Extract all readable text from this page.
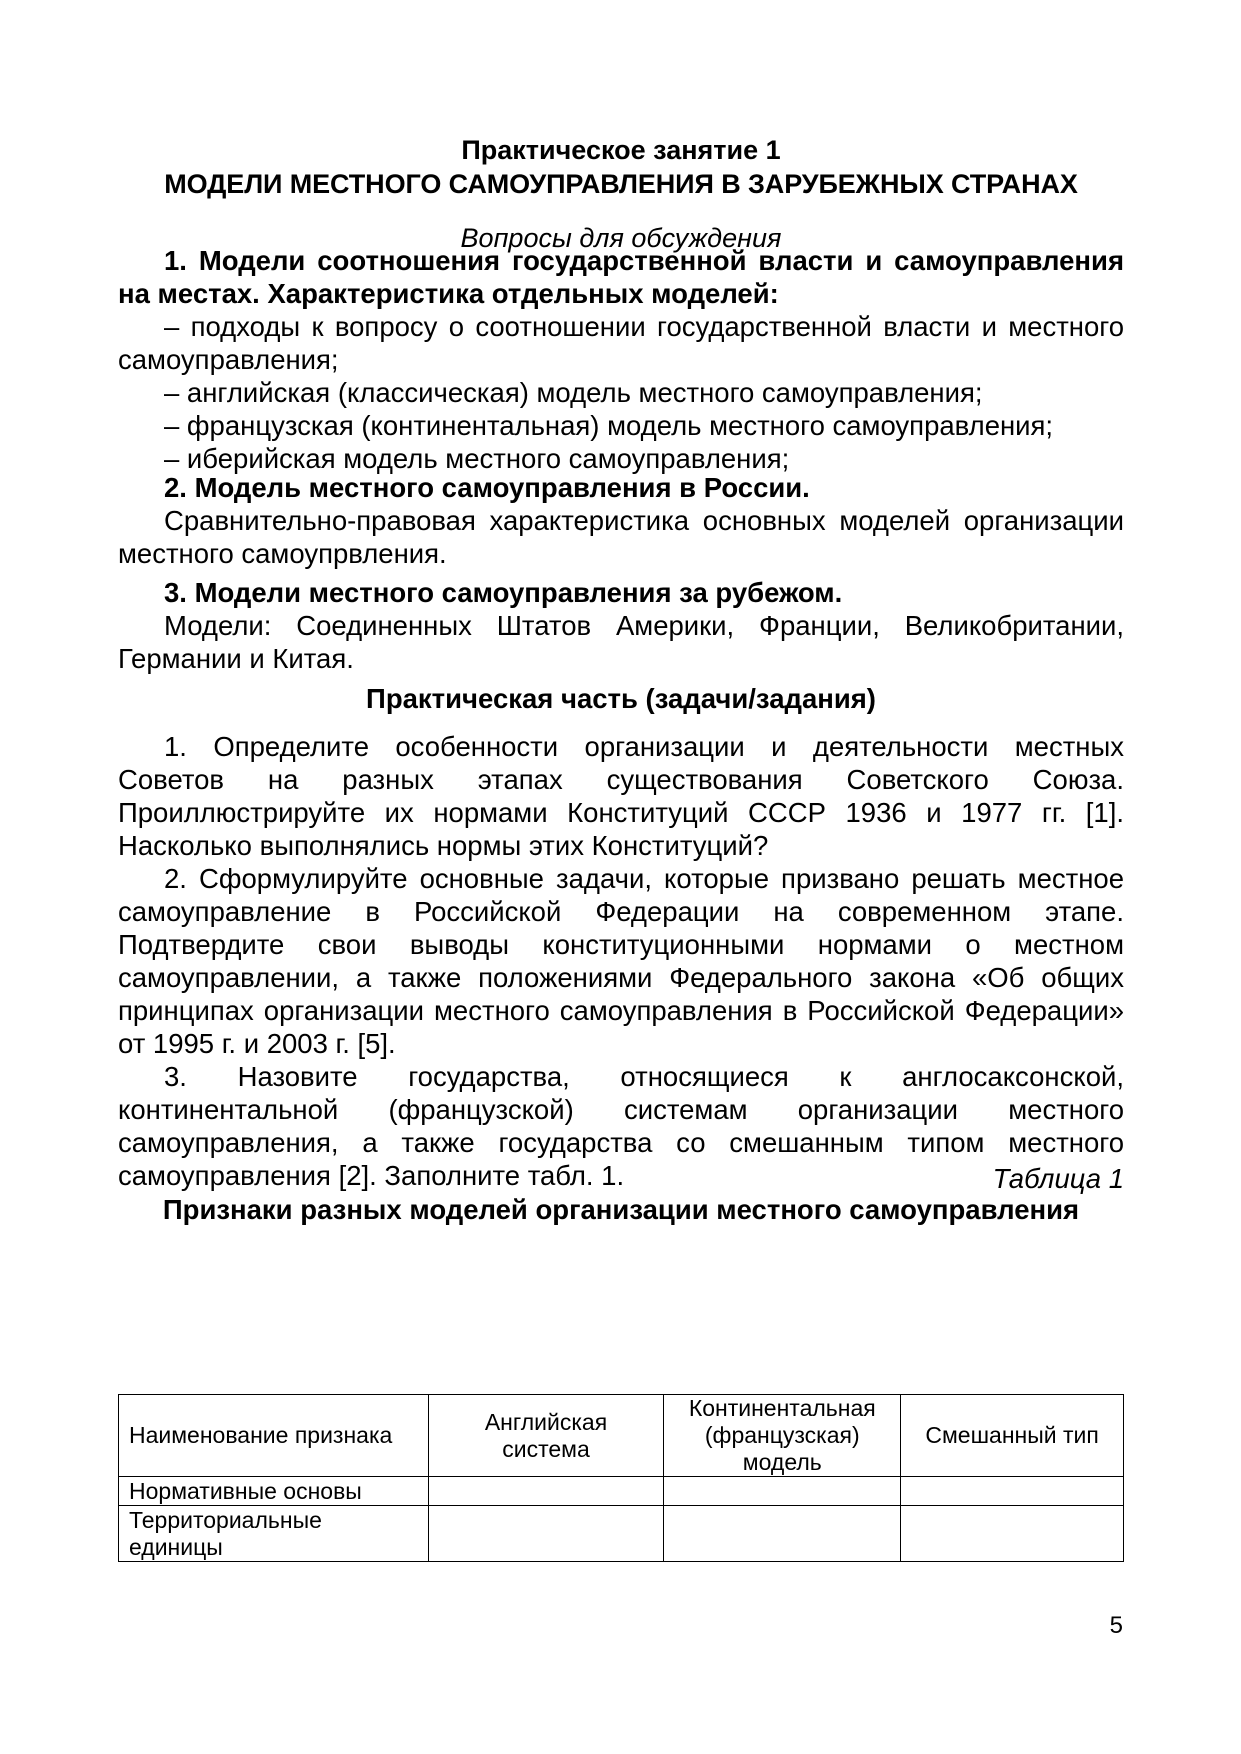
Практическое занятие 1

МОДЕЛИ МЕСТНОГО САМОУПРАВЛЕНИЯ В ЗАРУБЕЖНЫХ СТРАНАХ

Вопросы для обсуждения

1. Модели соотношения государственной власти и самоуправления на местах. Характеристика отдельных моделей:

– подходы к вопросу о соотношении государственной власти и местного самоуправления;

– английская (классическая) модель местного самоуправления;

– французская (континентальная) модель местного самоуправления;

– иберийская модель местного самоуправления;

2. Модель местного самоуправления в России.

Сравнительно-правовая характеристика основных моделей организации местного самоупрвления.

3. Модели местного самоуправления за рубежом.

Модели: Соединенных Штатов Америки, Франции, Великобритании, Германии и Китая.

Практическая часть (задачи/задания)

1. Определите особенности организации и деятельности местных Советов на разных этапах существования Советского Союза. Проиллюстрируйте их нормами Конституций СССР 1936 и 1977 гг. [1]. Насколько выполнялись нормы этих Конституций?

2. Сформулируйте основные задачи, которые призвано решать местное самоуправление в Российской Федерации на современном этапе. Подтвердите свои выводы конституционными нормами о местном самоуправлении, а также положениями Федерального закона «Об общих принципах организации местного самоуправления в Российской Федерации» от 1995 г. и 2003 г. [5].

3. Назовите государства, относящиеся к англосаксонской, континентальной (французской) системам организации местного самоуправления, а также государства со смешанным типом местного самоуправления [2]. Заполните табл. 1.	Таблица 1

Признаки разных моделей организации местного самоуправления

Наименование признака	Английская система	Континентальная (французская) модель	Смешанный тип
Нормативные основы			
Территориальные единицы			
5
